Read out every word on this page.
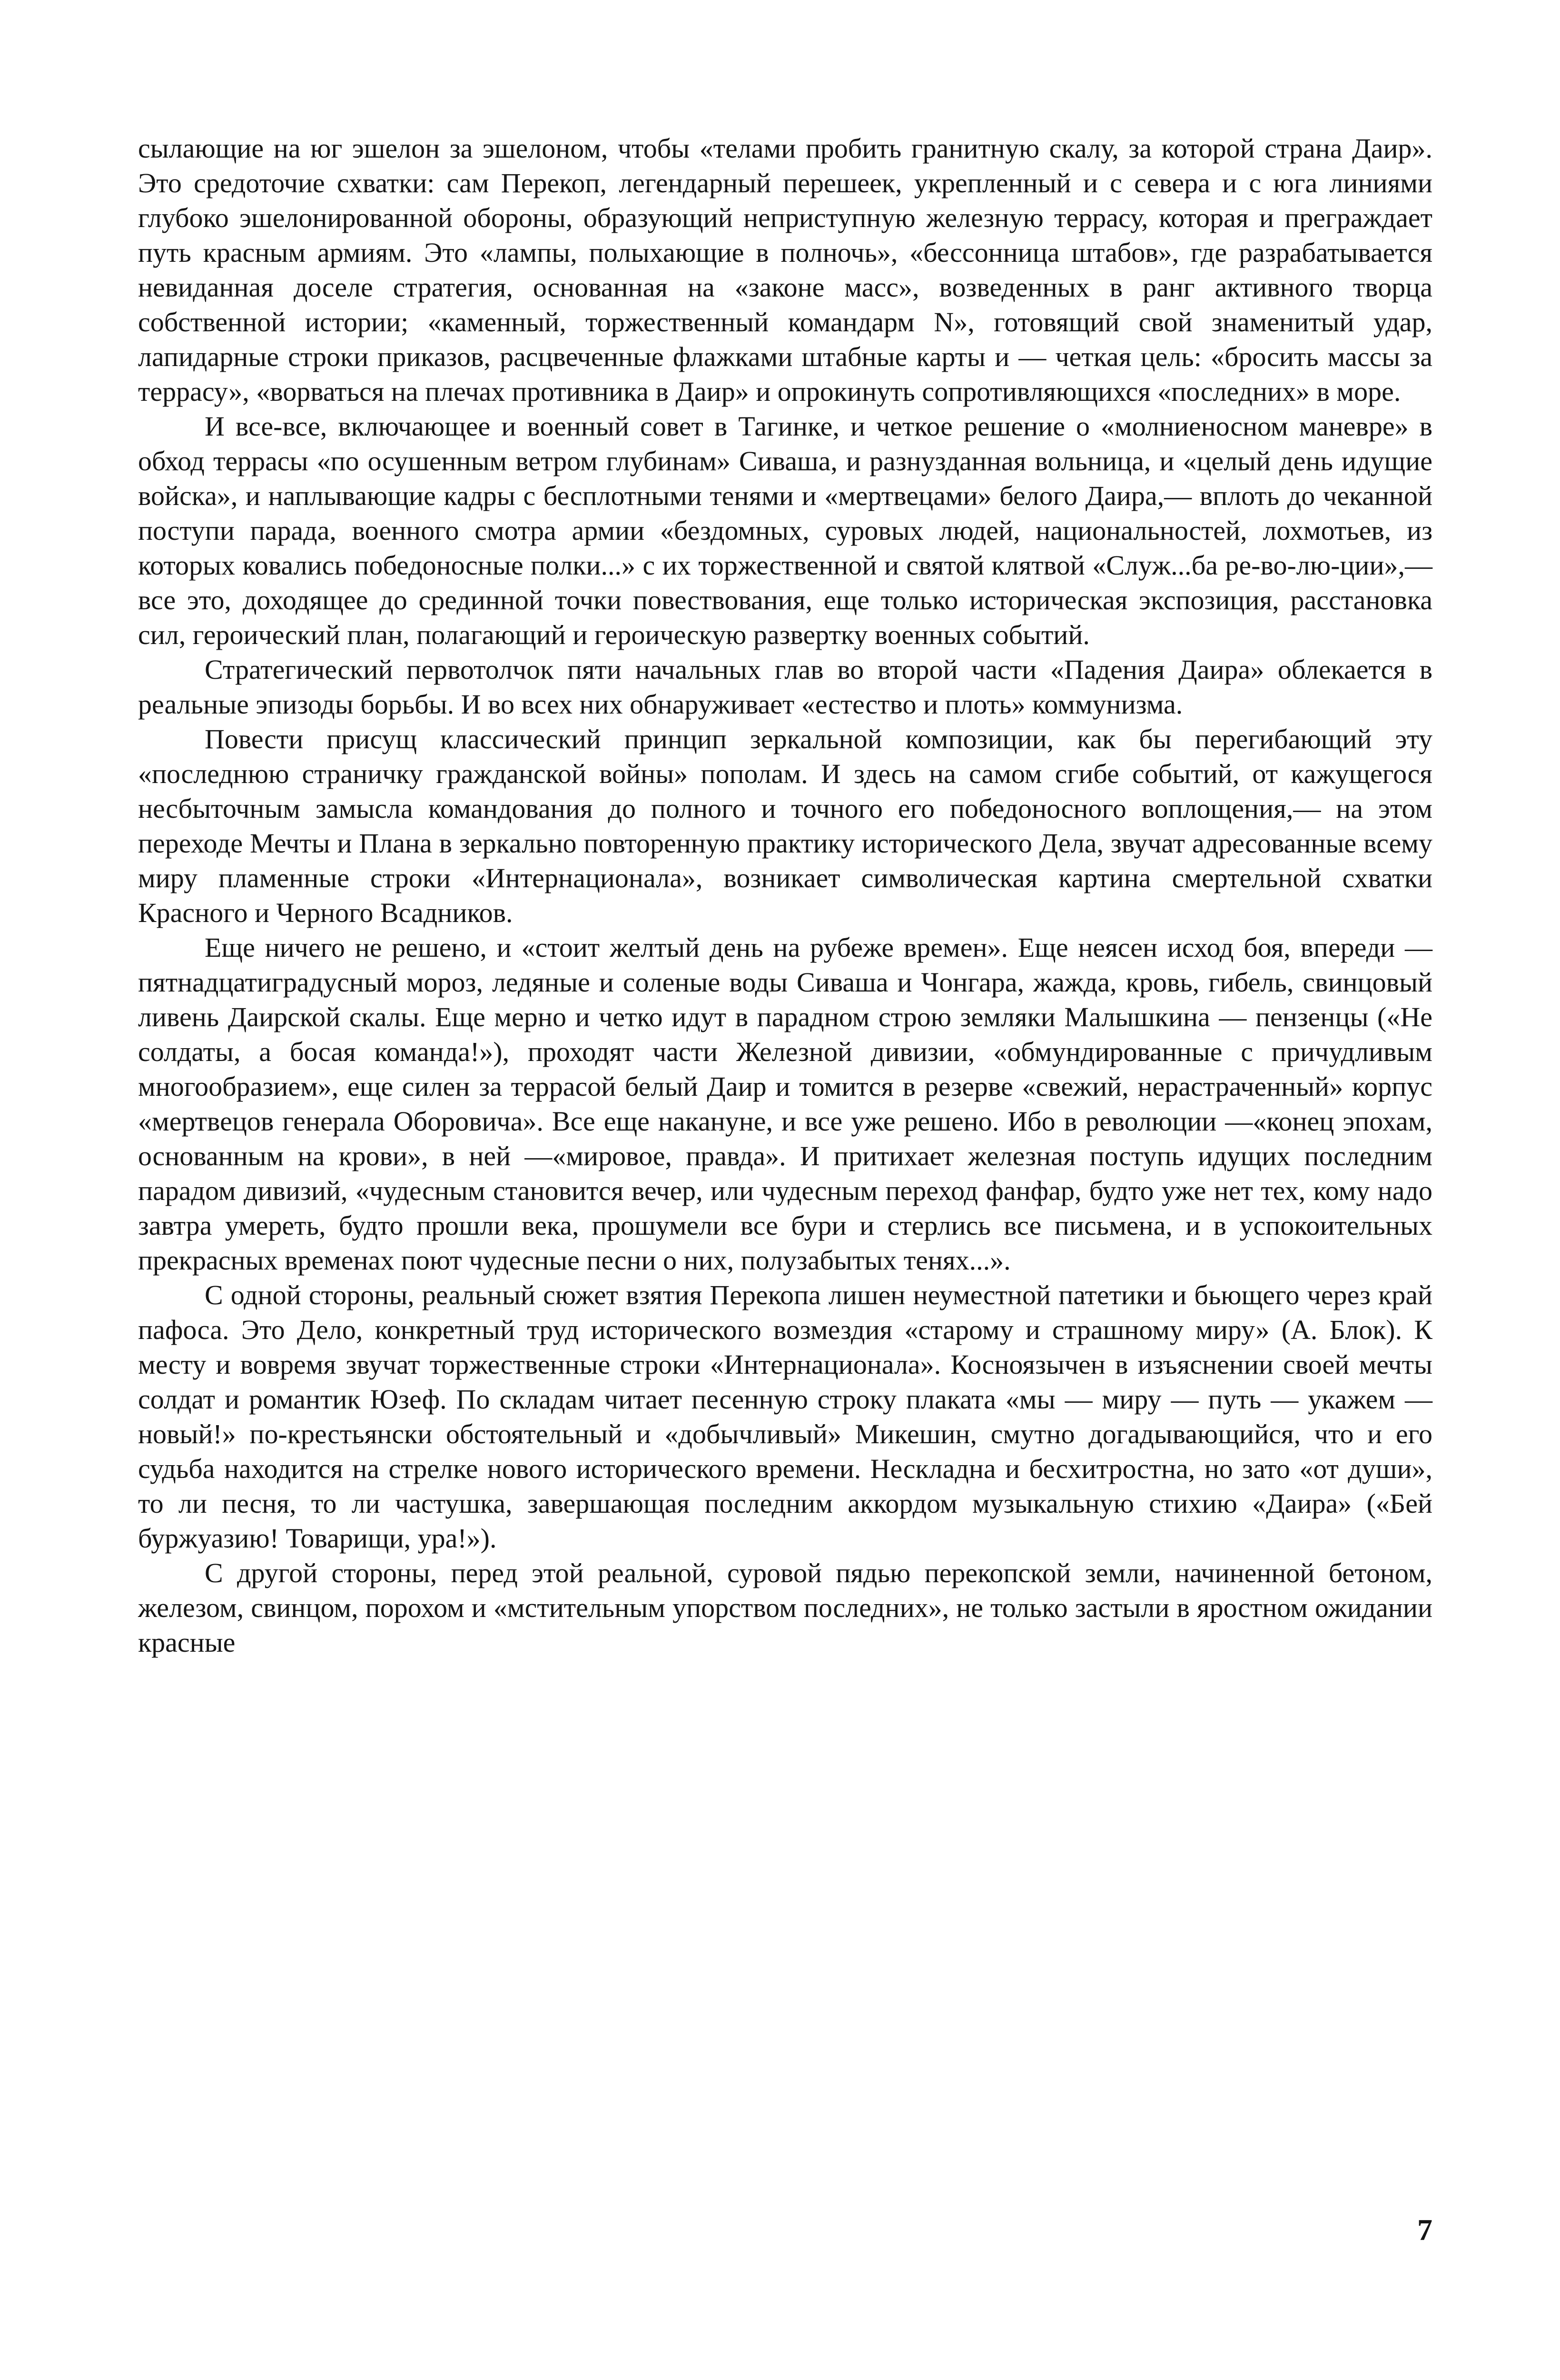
сылающие на юг эшелон за эшелоном, чтобы «телами пробить гранитную скалу, за которой страна Даир». Это средоточие схватки: сам Перекоп, легендарный перешеек, укрепленный и с севера и с юга линиями глубоко эшелонированной обороны, образующий неприступную железную террасу, которая и преграждает путь красным армиям. Это «лампы, полыхающие в полночь», «бессонница штабов», где разрабатывается невиданная доселе стратегия, основанная на «законе масс», возведенных в ранг активного творца собственной истории; «каменный, торжественный командарм N», готовящий свой знаменитый удар, лапидарные строки приказов, расцвеченные флажками штабные карты и — четкая цель: «бросить массы за террасу», «ворваться на плечах противника в Даир» и опрокинуть сопротивляющихся «последних» в море.

И все-все, включающее и военный совет в Тагинке, и четкое решение о «молниеносном маневре» в обход террасы «по осушенным ветром глубинам» Сиваша, и разнузданная вольница, и «целый день идущие войска», и наплывающие кадры с бесплотными тенями и «мертвецами» белого Даира,— вплоть до чеканной поступи парада, военного смотра армии «бездомных, суровых людей, национальностей, лохмотьев, из которых ковались победоносные полки...» с их торжественной и святой клятвой «Служ...ба ре-во-лю-ции»,— все это, доходящее до срединной точки повествования, еще только историческая экспозиция, расстановка сил, героический план, полагающий и героическую развертку военных событий.

Стратегический первотолчок пяти начальных глав во второй части «Падения Даира» облекается в реальные эпизоды борьбы. И во всех них обнаруживает «естество и плоть» коммунизма.

Повести присущ классический принцип зеркальной композиции, как бы перегибающий эту «последнюю страничку гражданской войны» пополам. И здесь на самом сгибе событий, от кажущегося несбыточным замысла командования до полного и точного его победоносного воплощения,— на этом переходе Мечты и Плана в зеркально повторенную практику исторического Дела, звучат адресованные всему миру пламенные строки «Интернационала», возникает символическая картина смертельной схватки Красного и Черного Всадников.

Еще ничего не решено, и «стоит желтый день на рубеже времен». Еще неясен исход боя, впереди — пятнадцатиградусный мороз, ледяные и соленые воды Сиваша и Чонгара, жажда, кровь, гибель, свинцовый ливень Даирской скалы. Еще мерно и четко идут в парадном строю земляки Малышкина — пензенцы («Не солдаты, а босая команда!»), проходят части Железной дивизии, «обмундированные с причудливым многообразием», еще силен за террасой белый Даир и томится в резерве «свежий, нерастраченный» корпус «мертвецов генерала Оборовича». Все еще накануне, и все уже решено. Ибо в революции —«конец эпохам, основанным на крови», в ней —«мировое, правда». И притихает железная поступь идущих последним парадом дивизий, «чудесным становится вечер, или чудесным переход фанфар, будто уже нет тех, кому надо завтра умереть, будто прошли века, прошумели все бури и стерлись все письмена, и в успокоительных прекрасных временах поют чудесные песни о них, полузабытых тенях...».

С одной стороны, реальный сюжет взятия Перекопа лишен неуместной патетики и бьющего через край пафоса. Это Дело, конкретный труд исторического возмездия «старому и страшному миру» (А. Блок). К месту и вовремя звучат торжественные строки «Интернационала». Косноязычен в изъяснении своей мечты солдат и романтик Юзеф. По складам читает песенную строку плаката «мы — миру — путь — укажем — новый!» по-крестьянски обстоятельный и «добычливый» Микешин, смутно догадывающийся, что и его судьба находится на стрелке нового исторического времени. Нескладна и бесхитростна, но зато «от души», то ли песня, то ли частушка, завершающая последним аккордом музыкальную стихию «Даира» («Бей буржуазию! Товарищи, ура!»).

С другой стороны, перед этой реальной, суровой пядью перекопской земли, начиненной бетоном, железом, свинцом, порохом и «мстительным упорством последних», не только застыли в яростном ожидании красные

7
